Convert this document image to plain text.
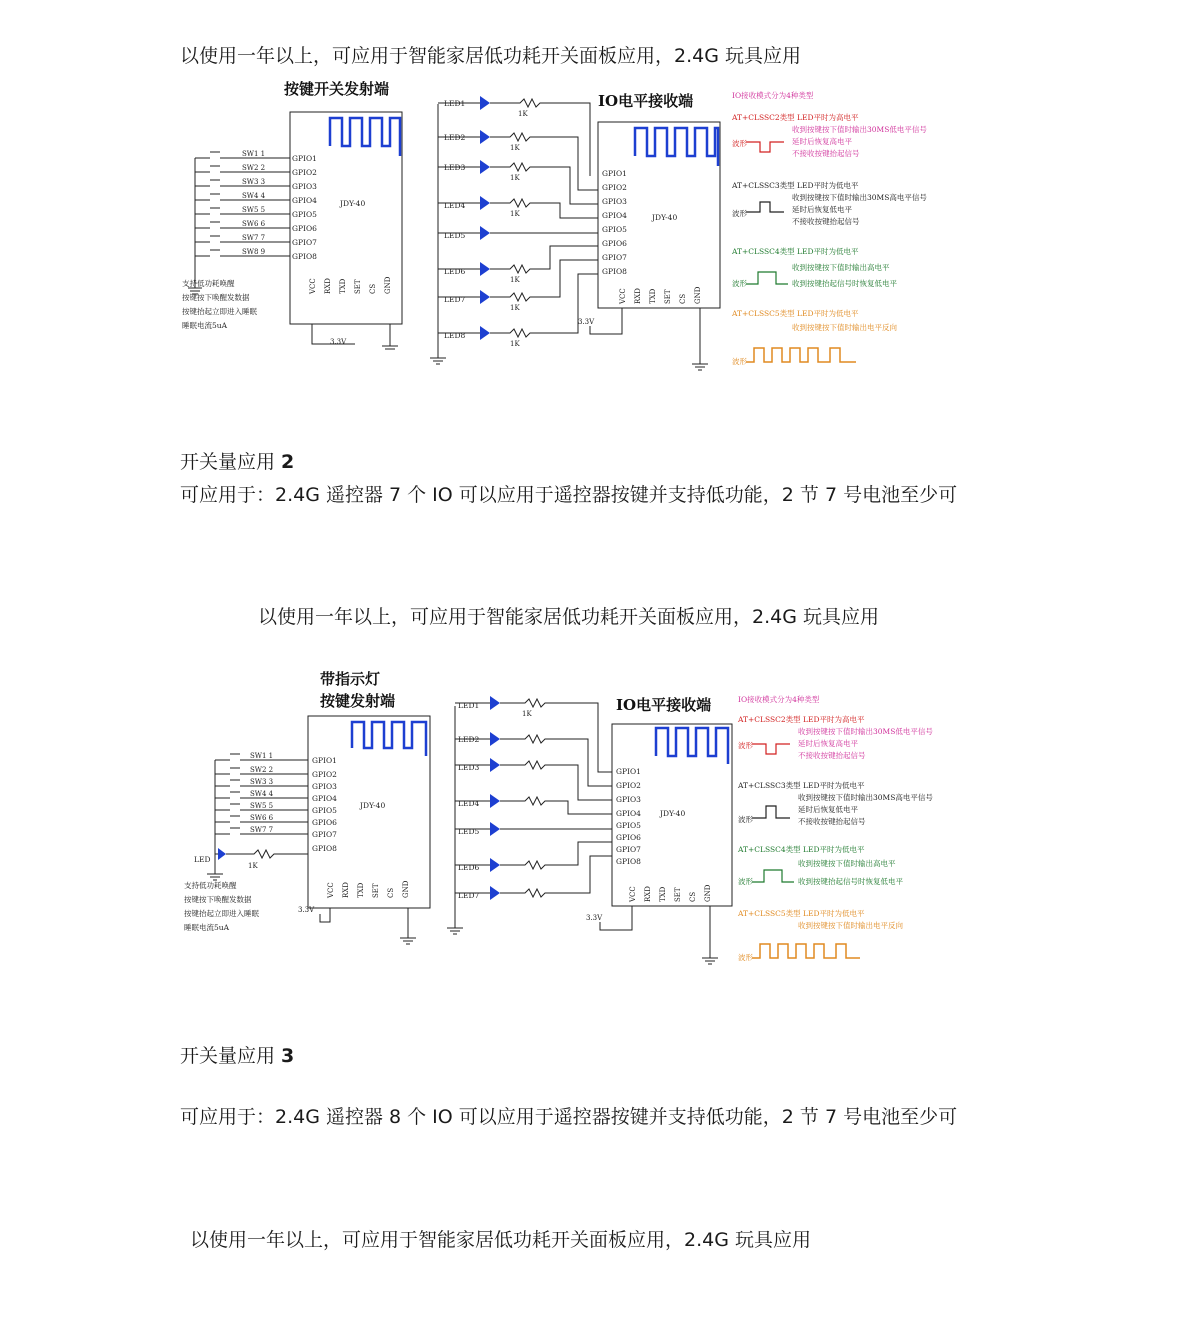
以使用一年以上，可应用于智能家居低功耗开关面板应用，2.4G 玩具应用
按键开关发射端
GPIO1
GPIO2
GPIO3
GPIO4
GPIO5
GPIO6
GPIO7
GPIO8
JDY-40
SW1 1
SW2 2
SW3 3
SW4 4
SW5 5
SW6 6
SW7 7
SW8 9
VCC RXD TXD SET CS GND
3.3V
支持低功耗唤醒
按键按下唤醒发数据
按键抬起立即进入睡眠
睡眠电流5uA
LED1
1K
LED2
1K
LED3
1K
LED4
1K
LED5
LED6
1K
LED7
1K
LED8
1K
IO电平接收端
GPIO1
GPIO2
GPIO3
GPIO4
GPIO5
GPIO6
GPIO7
GPIO8
JDY-40
VCC RXD TXD SET CS GND
3.3V
IO接收模式分为4种类型
AT+CLSSC2类型 LED平时为高电平
收到按键按下值时输出30MS低电平信号
延时后恢复高电平
不接收按键抬起信号
波形
AT+CLSSC3类型 LED平时为低电平
收到按键按下值时输出30MS高电平信号
延时后恢复低电平
不接收按键抬起信号
波形
AT+CLSSC4类型 LED平时为低电平
收到按键按下值时输出高电平
收到按键抬起信号时恢复低电平
波形
AT+CLSSC5类型 LED平时为低电平
收到按键按下值时输出电平反向
波形
开关量应用 2
可应用于：2.4G 遥控器 7 个 IO 可以应用于遥控器按键并支持低功能，2 节 7 号电池至少可
以使用一年以上，可应用于智能家居低功耗开关面板应用，2.4G 玩具应用
带指示灯
按键发射端
GPIO1
GPIO2
GPIO3
GPIO4
GPIO5
GPIO6
GPIO7
GPIO8
JDY-40
SW1 1
SW2 2
SW3 3
SW4 4
SW5 5
SW6 6
SW7 7
LED
1K
支持低功耗唤醒
按键按下唤醒发数据
按键抬起立即进入睡眠
睡眠电流5uA
VCC RXD TXD SET CS GND
3.3V
LED1
1K
LED2
LED3
LED4
LED5
LED6
LED7
IO电平接收端
GPIO1
GPIO2
GPIO3
GPIO4
GPIO5
GPIO6
GPIO7
GPIO8
JDY-40
VCC RXD TXD SET CS GND
3.3V
IO接收模式分为4种类型
AT+CLSSC2类型 LED平时为高电平
收到按键按下值时输出30MS低电平信号
延时后恢复高电平
不接收按键抬起信号
波形
AT+CLSSC3类型 LED平时为低电平
收到按键按下值时输出30MS高电平信号
延时后恢复低电平
不接收按键抬起信号
波形
AT+CLSSC4类型 LED平时为低电平
收到按键按下值时输出高电平
收到按键抬起信号时恢复低电平
波形
AT+CLSSC5类型 LED平时为低电平
收到按键按下值时输出电平反向
波形
开关量应用 3
可应用于：2.4G 遥控器 8 个 IO 可以应用于遥控器按键并支持低功能，2 节 7 号电池至少可
以使用一年以上，可应用于智能家居低功耗开关面板应用，2.4G 玩具应用
